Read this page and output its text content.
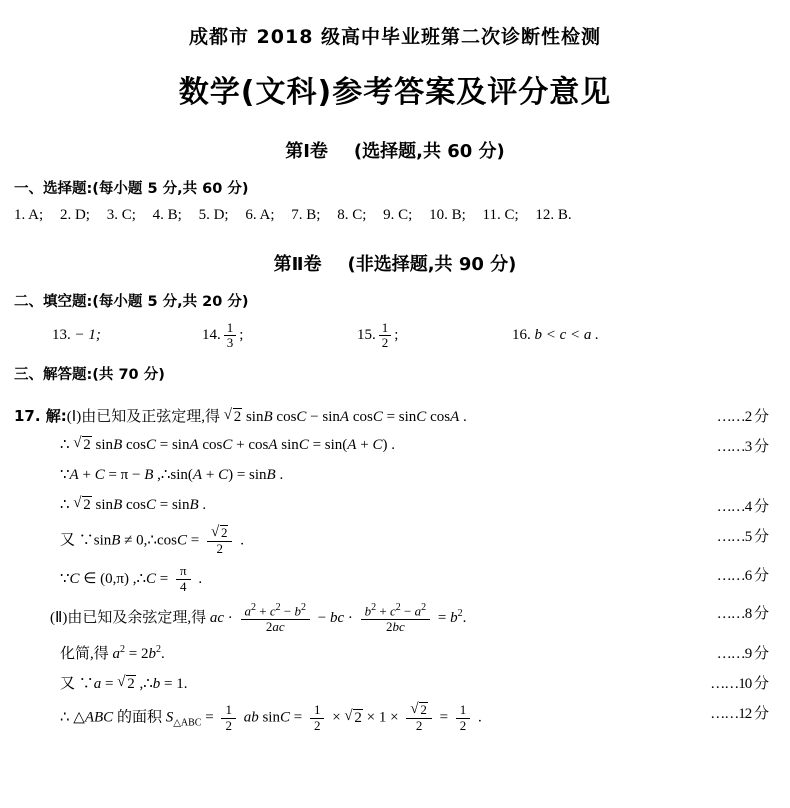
成都市 2018 级高中毕业班第二次诊断性检测
数学(文科)参考答案及评分意见
第Ⅰ卷 (选择题,共 60 分)
一、选择题:(每小题 5 分,共 60 分)
1. A; 2. D; 3. C; 4. B; 5. D; 6. A; 7. B; 8. C; 9. C; 10. B; 11. C; 12. B.
第Ⅱ卷 (非选择题,共 90 分)
二、填空题:(每小题 5 分,共 20 分)
13.
− 1;	14. $\frac{1}{3}$ ;	15. $\frac{1}{2}$ ;	16.
b < c < a .
三、解答题:(共 70 分)
17. 解:(Ⅰ)由已知及正弦定理,得 √ 2 sinB cosC − sinA cosC = sinC cosA .	……2 分
∴ √ 2 sinB cosC = sinA cosC + cosA sinC = sin(A + C) .	……3 分
∵A + C = π − B ,∴sin(A + C) = sinB .
∴ √ 2 sinB cosC = sinB .	……4 分
又 ∵sinB ≠ 0,∴cosC = √ $\frac{2}{2}$ .	……5 分
∵C ∈ (0,π) ,∴C = $\frac{\pi}{4}$ .	……6 分
(Ⅱ)由已知及余弦定理,得 ac · $\frac{a^2 + c^2 - b^2}{2ac}$ − bc · $\frac{b^2 + c^2 - a^2}{2bc} = b^2$.	……8 分
化简,得 $a^2 = 2b^2$.	……9 分
又 ∵a = √ 2 ,∴b = 1.	……10 分
∴ △ABC 的面积 $S_{\triangle ABC} = \frac{1}{2}$ ab $\sin C = \frac{1}{2}$ × √ 2 × 1 × √ $\frac{2}{2} = \frac{1}{2}$ .	……12 分
